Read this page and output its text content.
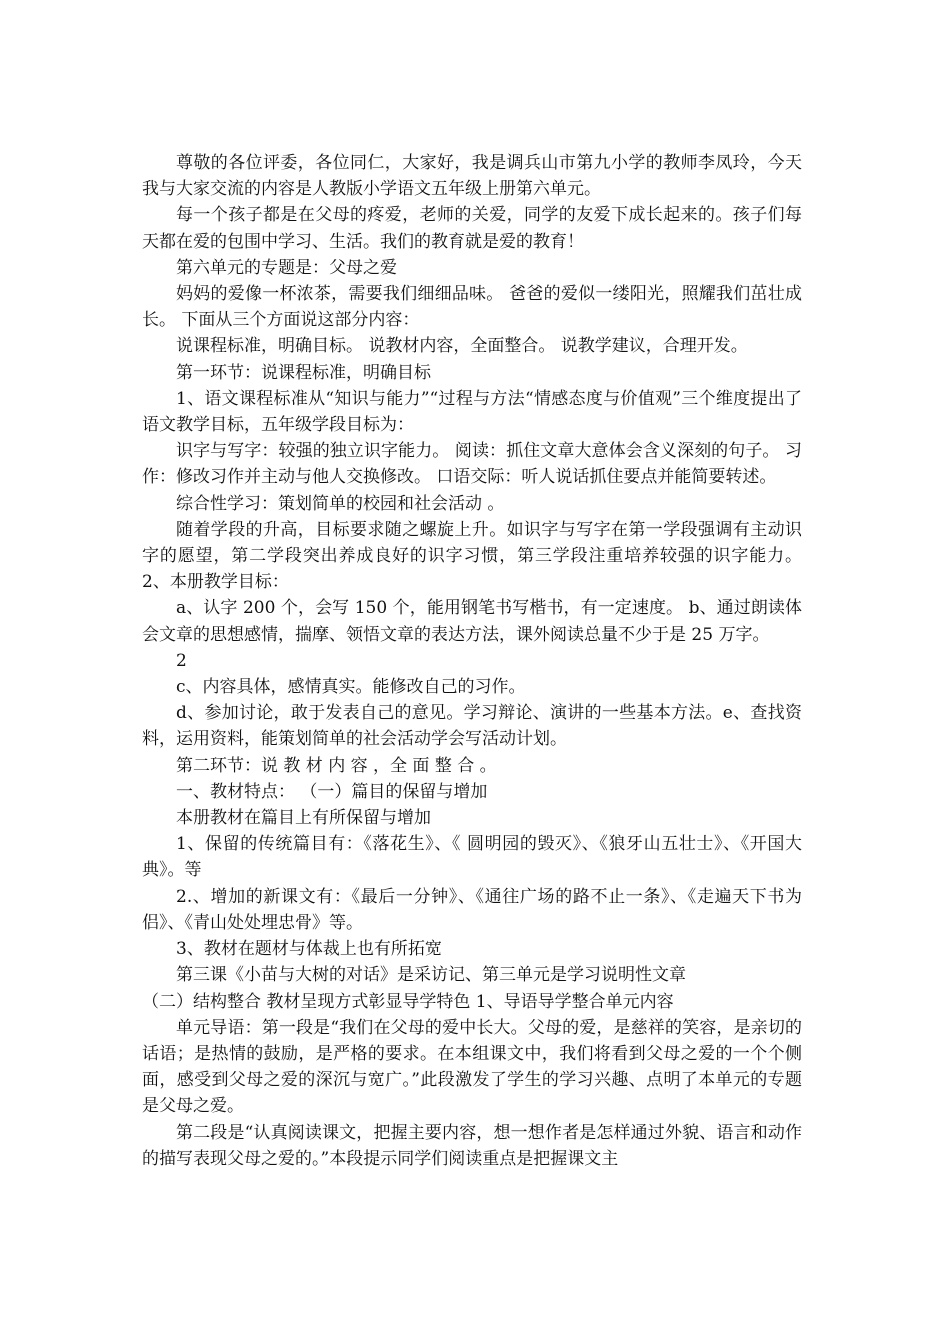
尊敬的各位评委，各位同仁，大家好，我是调兵山市第九小学的教师李凤玲，今天我与大家交流的内容是人教版小学语文五年级上册第六单元。

每一个孩子都是在父母的疼爱，老师的关爱，同学的友爱下成长起来的。孩子们每天都在爱的包围中学习、生活。我们的教育就是爱的教育！

第六单元的专题是：父母之爱

妈妈的爱像一杯浓茶，需要我们细细品味。 爸爸的爱似一缕阳光，照耀我们茁壮成长。 下面从三个方面说这部分内容：

说课程标准，明确目标。 说教材内容，全面整合。 说教学建议，合理开发。

第一环节：说课程标准，明确目标

1、语文课程标准从“知识与能力”“过程与方法“情感态度与价值观”三个维度提出了语文教学目标，五年级学段目标为：

识字与写字：较强的独立识字能力。 阅读：抓住文章大意体会含义深刻的句子。 习作：修改习作并主动与他人交换修改。 口语交际：听人说话抓住要点并能简要转述。

综合性学习：策划简单的校园和社会活动 。

随着学段的升高，目标要求随之螺旋上升。如识字与写字在第一学段强调有主动识字的愿望，第二学段突出养成良好的识字习惯，第三学段注重培养较强的识字能力。 2、本册教学目标：

a、认字 200 个，会写 150 个，能用钢笔书写楷书，有一定速度。 b、通过朗读体会文章的思想感情，揣摩、领悟文章的表达方法，课外阅读总量不少于是 25 万字。

2

c、内容具体，感情真实。能修改自己的习作。

d、参加讨论，敢于发表自己的意见。学习辩论、演讲的一些基本方法。e、查找资料，运用资料，能策划简单的社会活动学会写活动计划。

第二环节：说 教 材 内 容 ，全 面 整 合 。

一、教材特点： （一）篇目的保留与增加

本册教材在篇目上有所保留与增加

1、保留的传统篇目有：《落花生》、《 圆明园的毁灭》、《狼牙山五壮士》、《开国大典》。等

2.、增加的新课文有：《最后一分钟》、《通往广场的路不止一条》、《走遍天下书为侣》、《青山处处埋忠骨》等。

3、教材在题材与体裁上也有所拓宽

第三课《小苗与大树的对话》是采访记、第三单元是学习说明性文章

（二）结构整合 教材呈现方式彰显导学特色 1、导语导学整合单元内容

单元导语：第一段是“我们在父母的爱中长大。父母的爱，是慈祥的笑容，是亲切的话语；是热情的鼓励，是严格的要求。在本组课文中，我们将看到父母之爱的一个个侧面，感受到父母之爱的深沉与宽广。”此段激发了学生的学习兴趣、点明了本单元的专题是父母之爱。

第二段是“认真阅读课文，把握主要内容，想一想作者是怎样通过外貌、语言和动作的描写表现父母之爱的。”本段提示同学们阅读重点是把握课文主
